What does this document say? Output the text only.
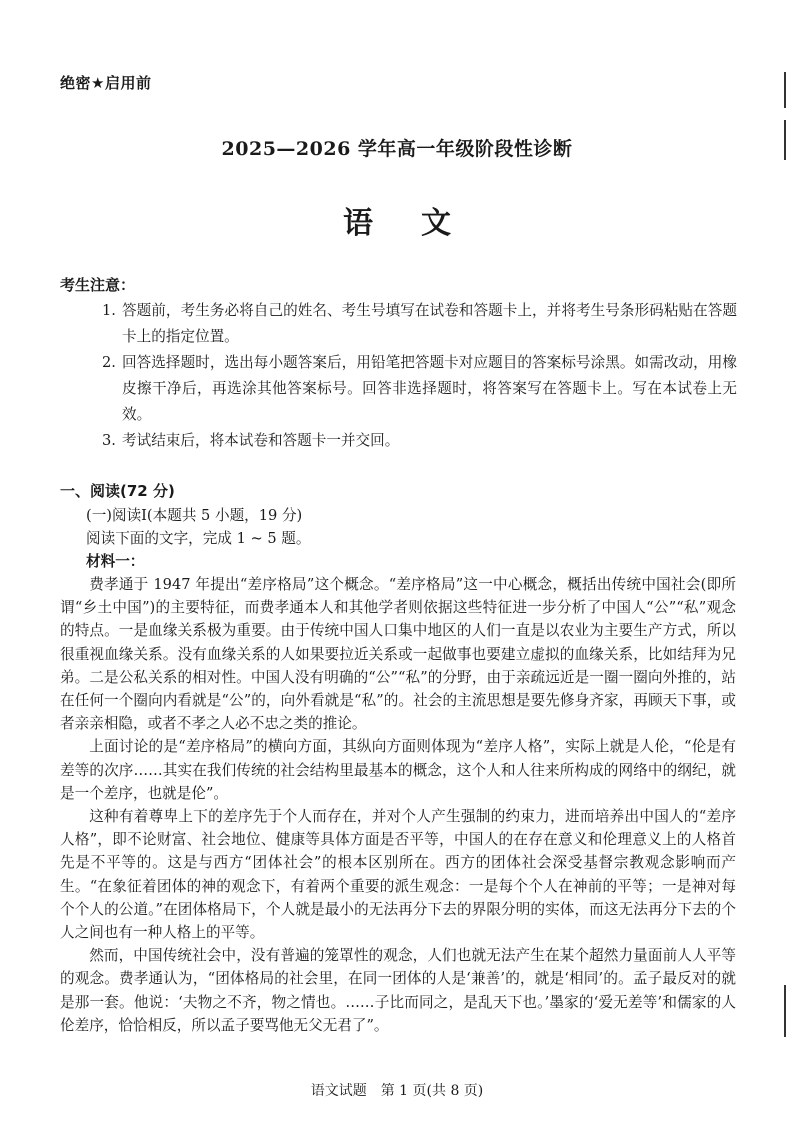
绝密★启用前
2025—2026 学年高一年级阶段性诊断
语文
考生注意：
1. 答题前，考生务必将自己的姓名、考生号填写在试卷和答题卡上，并将考生号条形码粘贴在答题卡上的指定位置。
2. 回答选择题时，选出每小题答案后，用铅笔把答题卡对应题目的答案标号涂黑。如需改动，用橡皮擦干净后，再选涂其他答案标号。回答非选择题时，将答案写在答题卡上。写在本试卷上无效。
3. 考试结束后，将本试卷和答题卡一并交回。
一、阅读(72 分)
(一)阅读Ⅰ(本题共 5 小题，19 分)
阅读下面的文字，完成 1 ~ 5 题。
材料一：

费孝通于 1947 年提出“差序格局”这个概念。“差序格局”这一中心概念，概括出传统中国社会(即所谓“乡土中国”)的主要特征，而费孝通本人和其他学者则依据这些特征进一步分析了中国人“公”“私”观念的特点。一是血缘关系极为重要。由于传统中国人口集中地区的人们一直是以农业为主要生产方式，所以很重视血缘关系。没有血缘关系的人如果要拉近关系或一起做事也要建立虚拟的血缘关系，比如结拜为兄弟。二是公私关系的相对性。中国人没有明确的“公”“私”的分野，由于亲疏远近是一圈一圈向外推的，站在任何一个圈向内看就是“公”的，向外看就是“私”的。社会的主流思想是要先修身齐家，再顾天下事，或者亲亲相隐，或者不孝之人必不忠之类的推论。

上面讨论的是“差序格局”的横向方面，其纵向方面则体现为“差序人格”，实际上就是人伦，“伦是有差等的次序……其实在我们传统的社会结构里最基本的概念，这个人和人往来所构成的网络中的纲纪，就是一个差序，也就是伦”。

这种有着尊卑上下的差序先于个人而存在，并对个人产生强制的约束力，进而培养出中国人的“差序人格”，即不论财富、社会地位、健康等具体方面是否平等，中国人的在存在意义和伦理意义上的人格首先是不平等的。这是与西方“团体社会”的根本区别所在。西方的团体社会深受基督宗教观念影响而产生。“在象征着团体的神的观念下，有着两个重要的派生观念：一是每个个人在神前的平等；一是神对每个个人的公道。”在团体格局下，个人就是最小的无法再分下去的界限分明的实体，而这无法再分下去的个人之间也有一种人格上的平等。

然而，中国传统社会中，没有普遍的笼罩性的观念，人们也就无法产生在某个超然力量面前人人平等的观念。费孝通认为，“团体格局的社会里，在同一团体的人是‘兼善’的，就是‘相同’的。孟子最反对的就是那一套。他说：‘夫物之不齐，物之情也。……子比而同之，是乱天下也。’墨家的‘爱无差等’和儒家的人伦差序，恰恰相反，所以孟子要骂他无父无君了”。

语文试题　第 1 页(共 8 页)
